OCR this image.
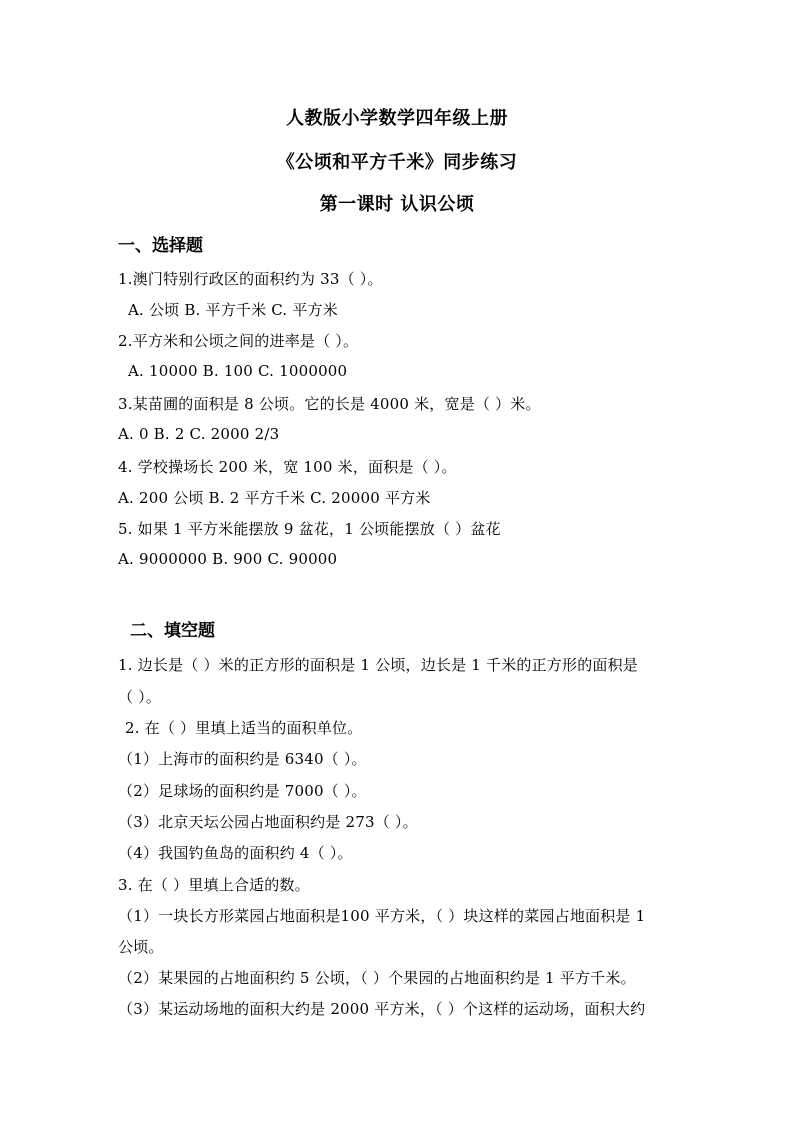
人教版小学数学四年级上册
《公顷和平方千米》同步练习
第一课时 认识公顷
一、选择题
1.澳门特别行政区的面积约为 33（ ）。
A. 公顷 B. 平方千米 C. 平方米
2.平方米和公顷之间的进率是（ ）。
A. 10000 B. 100 C. 1000000
3.某苗圃的面积是 8 公顷。它的长是 4000 米，宽是（ ）米。
A. 0 B. 2 C. 2000 2/3
4. 学校操场长 200 米，宽 100 米，面积是（ ）。
A. 200 公顷 B. 2 平方千米 C. 20000 平方米
5. 如果 1 平方米能摆放 9 盆花，1 公顷能摆放（ ）盆花
A. 9000000 B. 900 C. 90000
二、填空题
1. 边长是（ ）米的正方形的面积是 1 公顷，边长是 1 千米的正方形的面积是
（ ）。
2. 在（ ）里填上适当的面积单位。
（1）上海市的面积约是 6340（ ）。
（2）足球场的面积约是 7000（ ）。
（3）北京天坛公园占地面积约是 273（ ）。
（4）我国钓鱼岛的面积约 4（ ）。
3. 在（ ）里填上合适的数。
（1）一块长方形菜园占地面积是100 平方米，（ ）块这样的菜园占地面积是 1
公顷。
（2）某果园的占地面积约 5 公顷，（ ）个果园的占地面积约是 1 平方千米。
（3）某运动场地的面积大约是 2000 平方米，（ ）个这样的运动场，面积大约
